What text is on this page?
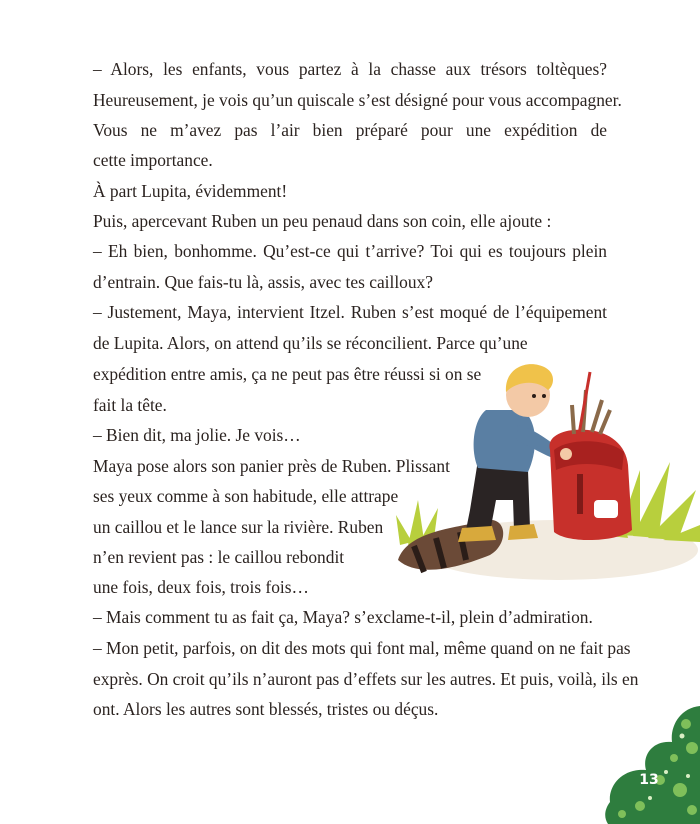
– Alors, les enfants, vous partez à la chasse aux trésors toltèques?
Heureusement, je vois qu’un quiscale s’est désigné pour vous accompagner.
Vous ne m’avez pas l’air bien préparé pour une expédition de
cette importance.
À part Lupita, évidemment!
Puis, apercevant Ruben un peu penaud dans son coin, elle ajoute :
– Eh bien, bonhomme. Qu’est-ce qui t’arrive? Toi qui es toujours plein
d’entrain. Que fais-tu là, assis, avec tes cailloux?
– Justement, Maya, intervient Itzel. Ruben s’est moqué de l’équipement
de Lupita. Alors, on attend qu’ils se réconcilient. Parce qu’une
expédition entre amis, ça ne peut pas être réussi si on se
fait la tête.
– Bien dit, ma jolie. Je vois…
Maya pose alors son panier près de Ruben. Plissant
ses yeux comme à son habitude, elle attrape
un caillou et le lance sur la rivière. Ruben
n’en revient pas : le caillou rebondit
une fois, deux fois, trois fois…
– Mais comment tu as fait ça, Maya? s’exclame-t-il, plein d’admiration.
– Mon petit, parfois, on dit des mots qui font mal, même quand on ne fait pas
exprès. On croit qu’ils n’auront pas d’effets sur les autres. Et puis, voilà, ils en
ont. Alors les autres sont blessés, tristes ou déçus.
13
